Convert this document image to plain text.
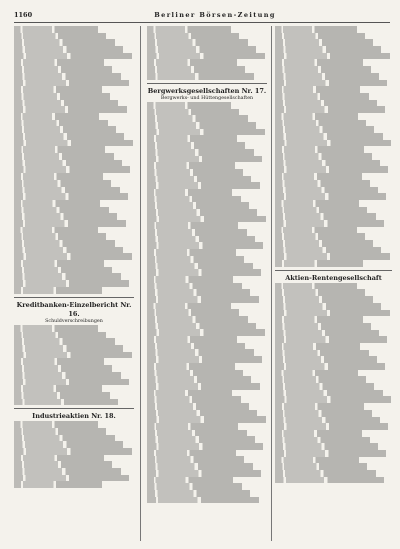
1160	Berliner Börsen-Zeitung
Kreditbanken-Einzelbericht Nr. 16.
Schuldverschreibungen
Industrieaktien Nr. 18.
Bergwerksgesellschaften Nr. 17.
Bergwerks- und Hüttengesellschaften
Aktien-Rentengesellschaft
